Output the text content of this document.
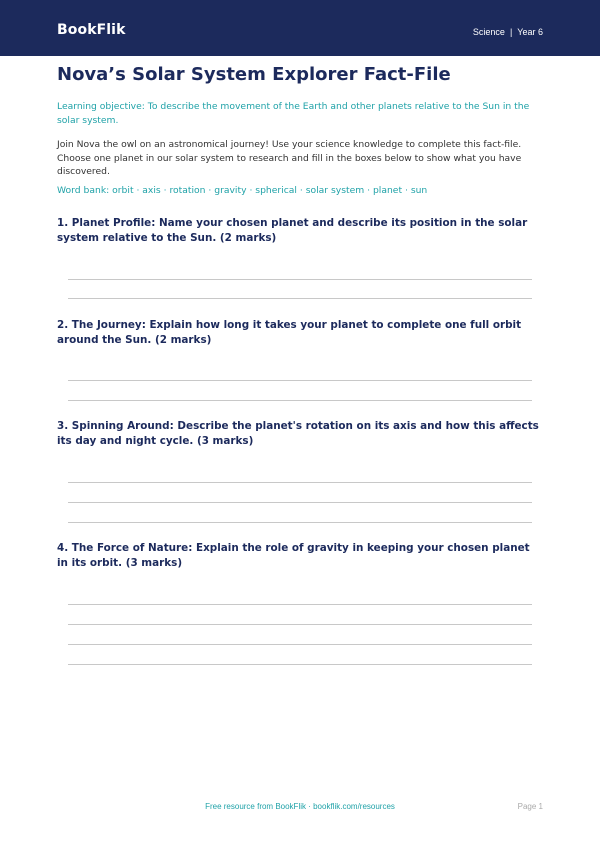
BookFlik	Science | Year 6
Nova’s Solar System Explorer Fact-File
Learning objective: To describe the movement of the Earth and other planets relative to the Sun in the solar system.
Join Nova the owl on an astronomical journey! Use your science knowledge to complete this fact-file. Choose one planet in our solar system to research and fill in the boxes below to show what you have discovered.
Word bank: orbit · axis · rotation · gravity · spherical · solar system · planet · sun
1. Planet Profile: Name your chosen planet and describe its position in the solar system relative to the Sun. (2 marks)
2. The Journey: Explain how long it takes your planet to complete one full orbit around the Sun. (2 marks)
3. Spinning Around: Describe the planet's rotation on its axis and how this affects its day and night cycle. (3 marks)
4. The Force of Nature: Explain the role of gravity in keeping your chosen planet in its orbit. (3 marks)
Free resource from BookFlik · bookflik.com/resources	Page 1
